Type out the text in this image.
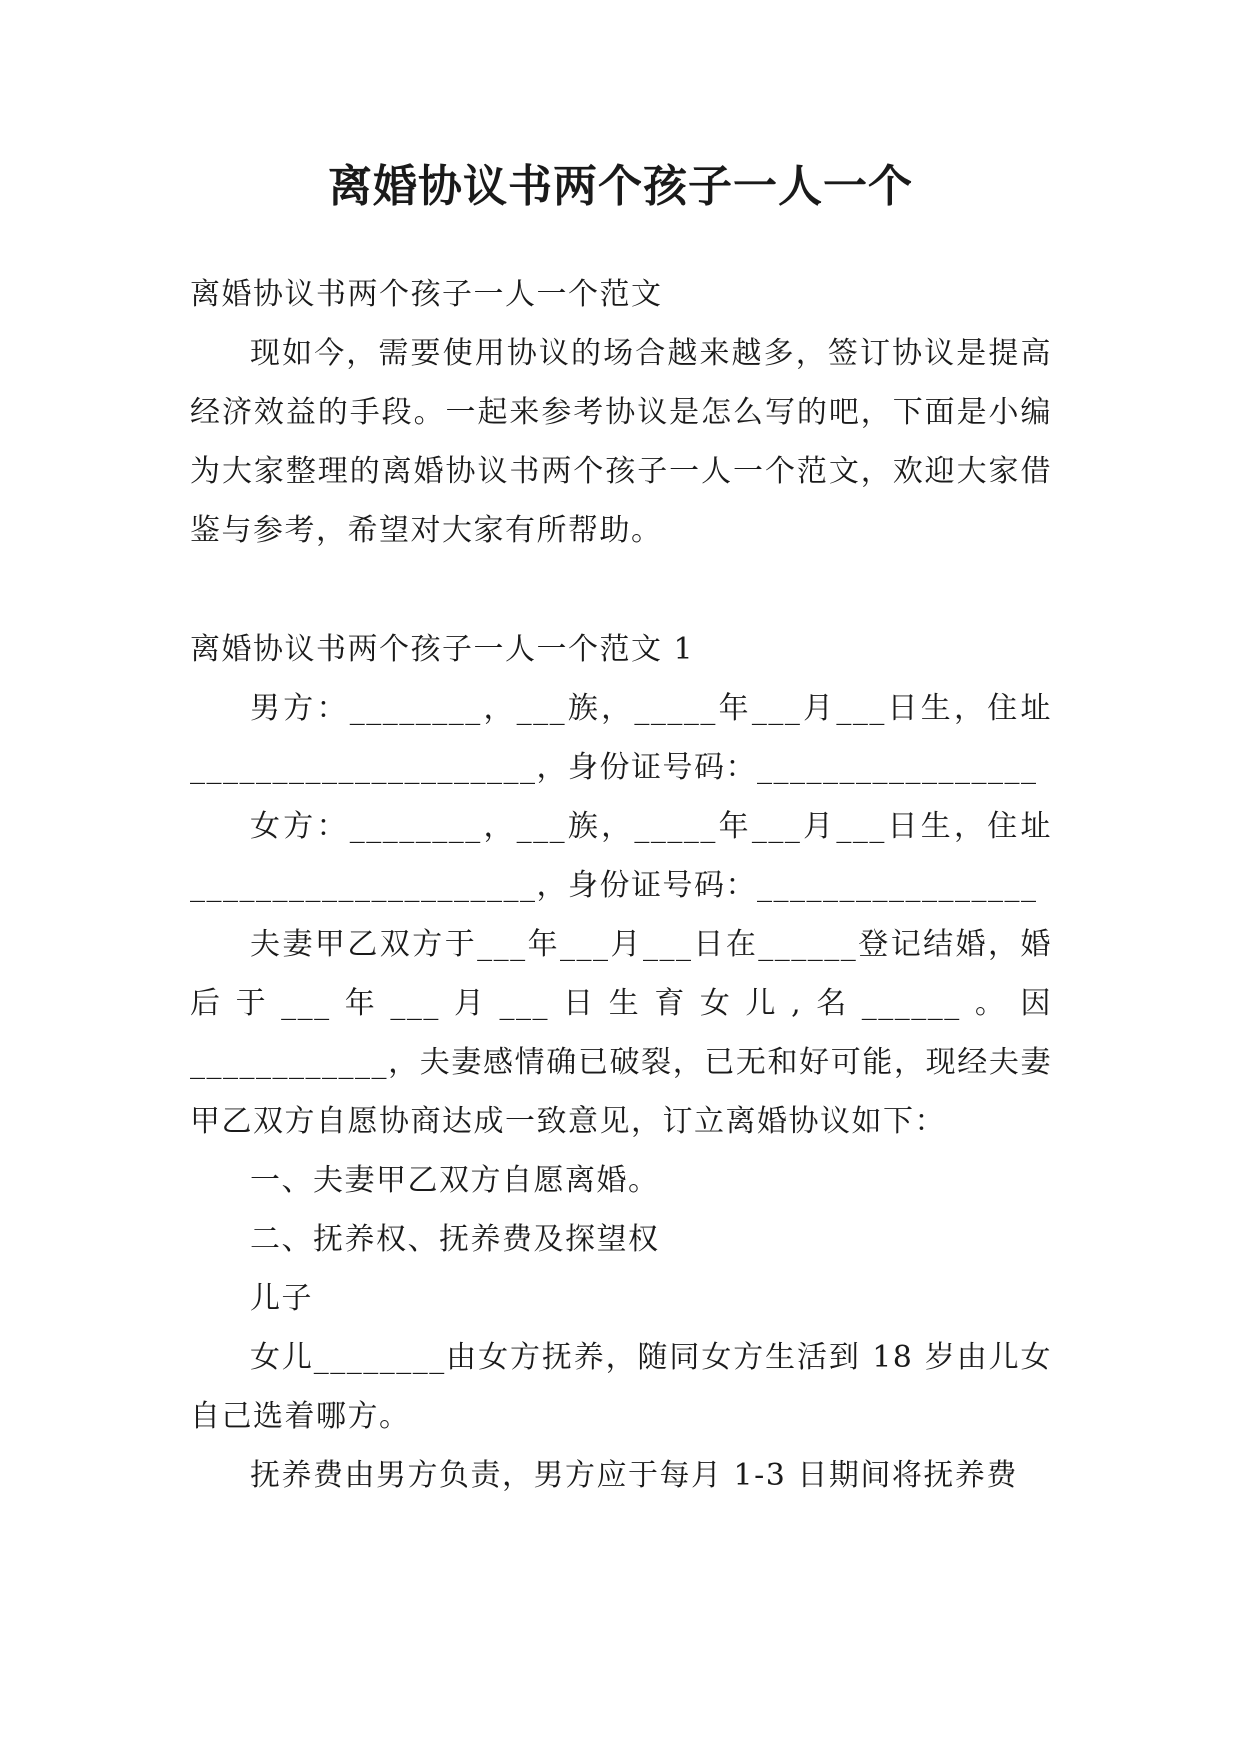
离婚协议书两个孩子一人一个

离婚协议书两个孩子一人一个范文

现如今，需要使用协议的场合越来越多，签订协议是提高经济效益的手段。一起来参考协议是怎么写的吧，下面是小编为大家整理的离婚协议书两个孩子一人一个范文，欢迎大家借鉴与参考，希望对大家有所帮助。

离婚协议书两个孩子一人一个范文 1

男方：________，___族，_____年___月___日生，住址_____________________，身份证号码：_________________

女方：________，___族，_____年___月___日生，住址_____________________，身份证号码：_________________

夫妻甲乙双方于___年___月___日在______登记结婚，婚后于___年___月___日生育女儿,名______。因____________，夫妻感情确已破裂，已无和好可能，现经夫妻甲乙双方自愿协商达成一致意见，订立离婚协议如下：

一、夫妻甲乙双方自愿离婚。

二、抚养权、抚养费及探望权

儿子

女儿________由女方抚养，随同女方生活到 18 岁由儿女自己选着哪方。

抚养费由男方负责，男方应于每月 1-3 日期间将抚养费
